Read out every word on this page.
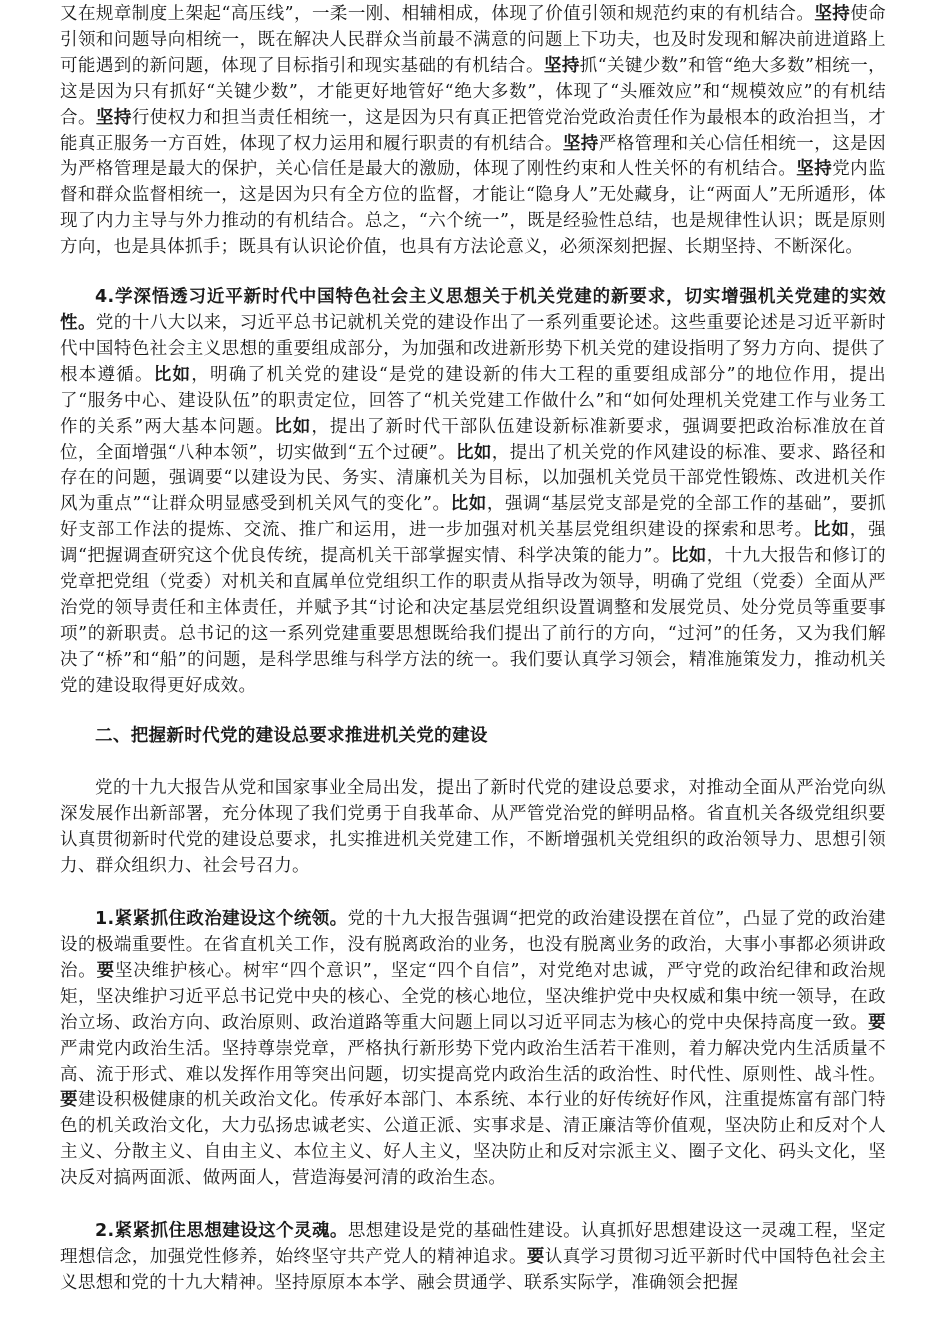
又在规章制度上架起“高压线”，一柔一刚、相辅相成，体现了价值引领和规范约束的有机结合。坚持使命引领和问题导向相统一，既在解决人民群众当前最不满意的问题上下功夫，也及时发现和解决前进道路上可能遇到的新问题，体现了目标指引和现实基础的有机结合。坚持抓“关键少数”和管“绝大多数”相统一，这是因为只有抓好“关键少数”，才能更好地管好“绝大多数”，体现了“头雁效应”和“规模效应”的有机结合。坚持行使权力和担当责任相统一，这是因为只有真正把管党治党政治责任作为最根本的政治担当，才能真正服务一方百姓，体现了权力运用和履行职责的有机结合。坚持严格管理和关心信任相统一，这是因为严格管理是最大的保护，关心信任是最大的激励，体现了刚性约束和人性关怀的有机结合。坚持党内监督和群众监督相统一，这是因为只有全方位的监督，才能让“隐身人”无处藏身，让“两面人”无所遁形，体现了内力主导与外力推动的有机结合。总之，“六个统一”，既是经验性总结，也是规律性认识；既是原则方向，也是具体抓手；既具有认识论价值，也具有方法论意义，必须深刻把握、长期坚持、不断深化。

4.学深悟透习近平新时代中国特色社会主义思想关于机关党建的新要求，切实增强机关党建的实效性。党的十八大以来，习近平总书记就机关党的建设作出了一系列重要论述。这些重要论述是习近平新时代中国特色社会主义思想的重要组成部分，为加强和改进新形势下机关党的建设指明了努力方向、提供了根本遵循。比如，明确了机关党的建设“是党的建设新的伟大工程的重要组成部分”的地位作用，提出了“服务中心、建设队伍”的职责定位，回答了“机关党建工作做什么”和“如何处理机关党建工作与业务工作的关系”两大基本问题。比如，提出了新时代干部队伍建设新标准新要求，强调要把政治标准放在首位，全面增强“八种本领”，切实做到“五个过硬”。比如，提出了机关党的作风建设的标准、要求、路径和存在的问题，强调要“以建设为民、务实、清廉机关为目标，以加强机关党员干部党性锻炼、改进机关作风为重点”“让群众明显感受到机关风气的变化”。比如，强调“基层党支部是党的全部工作的基础”，要抓好支部工作法的提炼、交流、推广和运用，进一步加强对机关基层党组织建设的探索和思考。比如，强调“把握调查研究这个优良传统，提高机关干部掌握实情、科学决策的能力”。比如，十九大报告和修订的党章把党组（党委）对机关和直属单位党组织工作的职责从指导改为领导，明确了党组（党委）全面从严治党的领导责任和主体责任，并赋予其“讨论和决定基层党组织设置调整和发展党员、处分党员等重要事项”的新职责。总书记的这一系列党建重要思想既给我们提出了前行的方向，“过河”的任务，又为我们解决了“桥”和“船”的问题，是科学思维与科学方法的统一。我们要认真学习领会，精准施策发力，推动机关党的建设取得更好成效。

二、把握新时代党的建设总要求推进机关党的建设

党的十九大报告从党和国家事业全局出发，提出了新时代党的建设总要求，对推动全面从严治党向纵深发展作出新部署，充分体现了我们党勇于自我革命、从严管党治党的鲜明品格。省直机关各级党组织要认真贯彻新时代党的建设总要求，扎实推进机关党建工作，不断增强机关党组织的政治领导力、思想引领力、群众组织力、社会号召力。

1.紧紧抓住政治建设这个统领。党的十九大报告强调“把党的政治建设摆在首位”，凸显了党的政治建设的极端重要性。在省直机关工作，没有脱离政治的业务，也没有脱离业务的政治，大事小事都必须讲政治。要坚决维护核心。树牢“四个意识”，坚定“四个自信”，对党绝对忠诚，严守党的政治纪律和政治规矩，坚决维护习近平总书记党中央的核心、全党的核心地位，坚决维护党中央权威和集中统一领导，在政治立场、政治方向、政治原则、政治道路等重大问题上同以习近平同志为核心的党中央保持高度一致。要严肃党内政治生活。坚持尊崇党章，严格执行新形势下党内政治生活若干准则，着力解决党内生活质量不高、流于形式、难以发挥作用等突出问题，切实提高党内政治生活的政治性、时代性、原则性、战斗性。要建设积极健康的机关政治文化。传承好本部门、本系统、本行业的好传统好作风，注重提炼富有部门特色的机关政治文化，大力弘扬忠诚老实、公道正派、实事求是、清正廉洁等价值观，坚决防止和反对个人主义、分散主义、自由主义、本位主义、好人主义，坚决防止和反对宗派主义、圈子文化、码头文化，坚决反对搞两面派、做两面人，营造海晏河清的政治生态。

2.紧紧抓住思想建设这个灵魂。思想建设是党的基础性建设。认真抓好思想建设这一灵魂工程，坚定理想信念，加强党性修养，始终坚守共产党人的精神追求。要认真学习贯彻习近平新时代中国特色社会主义思想和党的十九大精神。坚持原原本本学、融会贯通学、联系实际学，准确领会把握
